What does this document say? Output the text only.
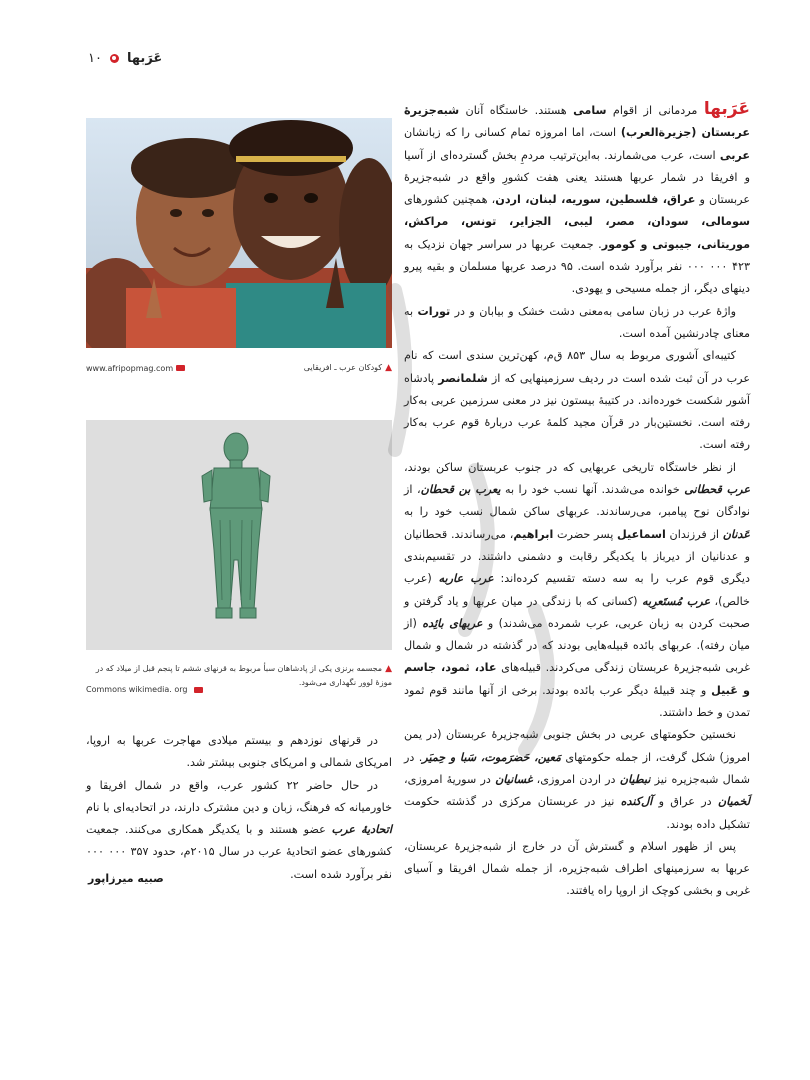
عَرَبها
۱۰

عَرَبها مردمانی از اقوام سامی هستند. خاستگاه آنان شبه‌جزیرهٔ عربستان (جزیرةالعرب) است، اما امروزه تمام کسانی را که زبانشان عربی است، عرب می‌شمارند. به‌این‌ترتیب مردمِ بخش گسترده‌ای از آسیا و افریقا در شمار عربها هستند یعنی هفت کشورِ واقع در شبه‌جزیرهٔ عربستان و عراق، فلسطین، سوریه، لبنان، اردن، همچنین کشورهای سومالی، سودان، مصر، لیبی، الجزایر، تونس، مراکش، موریتانی، جیبوتی و کومور. جمعیت عربها در سراسر جهان نزدیک به ۴۲۳ ۰۰۰ ۰۰۰ نفر برآورد شده است. ۹۵ درصد عربها مسلمان و بقیه پیرو دینهای دیگر، از جمله مسیحی و یهودی.

واژهٔ عرب در زبان سامی به‌معنی دشت خشک و بیابان و در تورات به معنای چادرنشین آمده است.

کتیبه‌ای آشوری مربوط به سال ۸۵۳ ق‌م، کهن‌ترین سندی است که نام عرب در آن ثبت شده است در ردیف سرزمینهایی که از شلمانصر پادشاه آشور شکست خورده‌اند. در کتیبهٔ بیستون نیز در معنی سرزمین عربی به‌کار رفته است. نخستین‌بار در قرآن مجید کلمهٔ عرب دربارهٔ قوم عرب به‌کار رفته است.

از نظر خاستگاه تاریخی عربهایی که در جنوب عربستان ساکن بودند، عرب قحطانی خوانده می‌شدند. آنها نسب خود را به یعرب بن قحطان، از نوادگان نوح پیامبر، می‌رساندند. عربهای ساکن شمال نسب خود را به عَدنان از فرزندان اسماعیل پسر حضرت ابراهیم، می‌رساندند. قحطانیان و عدنانیان از دیرباز با یکدیگر رقابت و دشمنی داشتند. در تقسیم‌بندی دیگری قوم عرب را به سه دسته تقسیم کرده‌اند: عرب عاربه (عرب خالص)، عرب مُستَعرِبه (کسانی که با زندگی در میان عربها و یاد گرفتن و صحبت کردن به زبان عربی، عرب شمرده می‌شدند) و عربهای بائِده (از میان رفته). عربهای بائده قبیله‌هایی بودند که در گذشته در شمال و شمال غربی شبه‌جزیرهٔ عربستان زندگی می‌کردند. قبیله‌های عاد، ثمود، جاسم و عَبیل و چند قبیلهٔ دیگر عرب بائده بودند. برخی از آنها مانند قوم ثمود تمدن و خط داشتند.

نخستین حکومتهای عربی در بخش جنوبی شبه‌جزیرهٔ عربستان (در یمن امروز) شکل گرفت، از جمله حکومتهای مَعین، حَضرَموت، سَبا و حِمیَر. در شمال شبه‌جزیره نیز نبطیان در اردن امروزی، غسانیان در سوریهٔ امروزی، لَخمیان در عراق و آل‌کنده نیز در عربستان مرکزی در گذشته حکومت تشکیل داده بودند.

پس از ظهور اسلام و گسترش آن در خارج از شبه‌جزیرهٔ عربستان، عربها به سرزمینهای اطراف شبه‌جزیره، از جمله شمال افریقا و آسیای غربی و بخشی کوچک از اروپا راه یافتند.

▲کودکان عرب ـ افریقایی
www.afripopmag.com
▲مجسمه برنزی یکی از پادشاهان سبأ مربوط به قرنهای ششم تا پنجم قبل از میلاد که در موزهٔ لوور نگهداری می‌شود.
Commons wikimedia. org

در قرنهای نوزدهم و بیستم میلادی مهاجرت عربها به اروپا، امریکای شمالی و امریکای جنوبی بیشتر شد.

در حال حاضر ۲۲ کشور عرب، واقع در شمال افریقا و خاورمیانه که فرهنگ، زبان و دین مشترک دارند، در اتحادیه‌ای با نام اتحادیهٔ عرب عضو هستند و با یکدیگر همکاری می‌کنند. جمعیت کشورهای عضو اتحادیهٔ عرب در سال ۲۰۱۵م، حدود ۳۵۷ ۰۰۰ ۰۰۰ نفر برآورد شده است.

صبیه میرزاپور
